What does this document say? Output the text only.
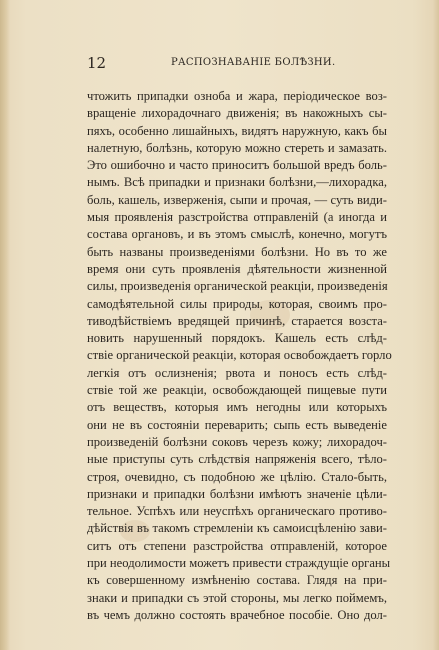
12	РАСПОЗНАВАНІЕ БОЛѢЗНИ.
чтожить припадки озноба и жара, періодическое воз-
вращеніе лихорадочнаго движенія; въ накожныхъ сы-
пяхъ, особенно лишайныхъ, видятъ наружную, какъ бы
налетную, болѣзнь, которую можно стереть и замазать.
Это ошибочно и часто приноситъ большой вредъ боль-
нымъ. Всѣ припадки и признаки болѣзни,—лихорадка,
боль, кашель, изверженія, сыпи и прочая, — суть види-
мыя проявленія разстройства отправленій (а иногда и
состава органовъ, и въ этомъ смыслѣ, конечно, могутъ
быть названы произведеніями болѣзни. Но въ то же
время они суть проявленія дѣятельности жизненной
силы, произведенія органической реакціи, произведенія
самодѣятельной силы природы, которая, своимъ про-
тиводѣйствіемъ вредящей причинѣ, старается возста-
новить нарушенный порядокъ. Кашель есть слѣд-
ствіе органической реакціи, которая освобождаетъ горло
легкія отъ ослизненія; рвота и поносъ есть слѣд-
ствіе той же реакціи, освобождающей пищевые пути
отъ веществъ, которыя имъ негодны или которыхъ
они не въ состояніи переварить; сыпь есть выведеніе
произведеній болѣзни соковъ черезъ кожу; лихорадоч-
ные приступы суть слѣдствія напряженія всего, тѣло-
строя, очевидно, съ подобною же цѣлію. Стало-быть,
признаки и припадки болѣзни имѣютъ значеніе цѣли-
тельное. Успѣхъ или неуспѣхъ органическаго противо-
дѣйствія въ такомъ стремленіи къ самоисцѣленію зави-
ситъ отъ степени разстройства отправленій, которое
при неодолимости можетъ привести страждущіе органы
къ совершенному измѣненію состава. Глядя на при-
знаки и припадки съ этой стороны, мы легко поймемъ,
въ чемъ должно состоять врачебное пособіе. Оно дол-
